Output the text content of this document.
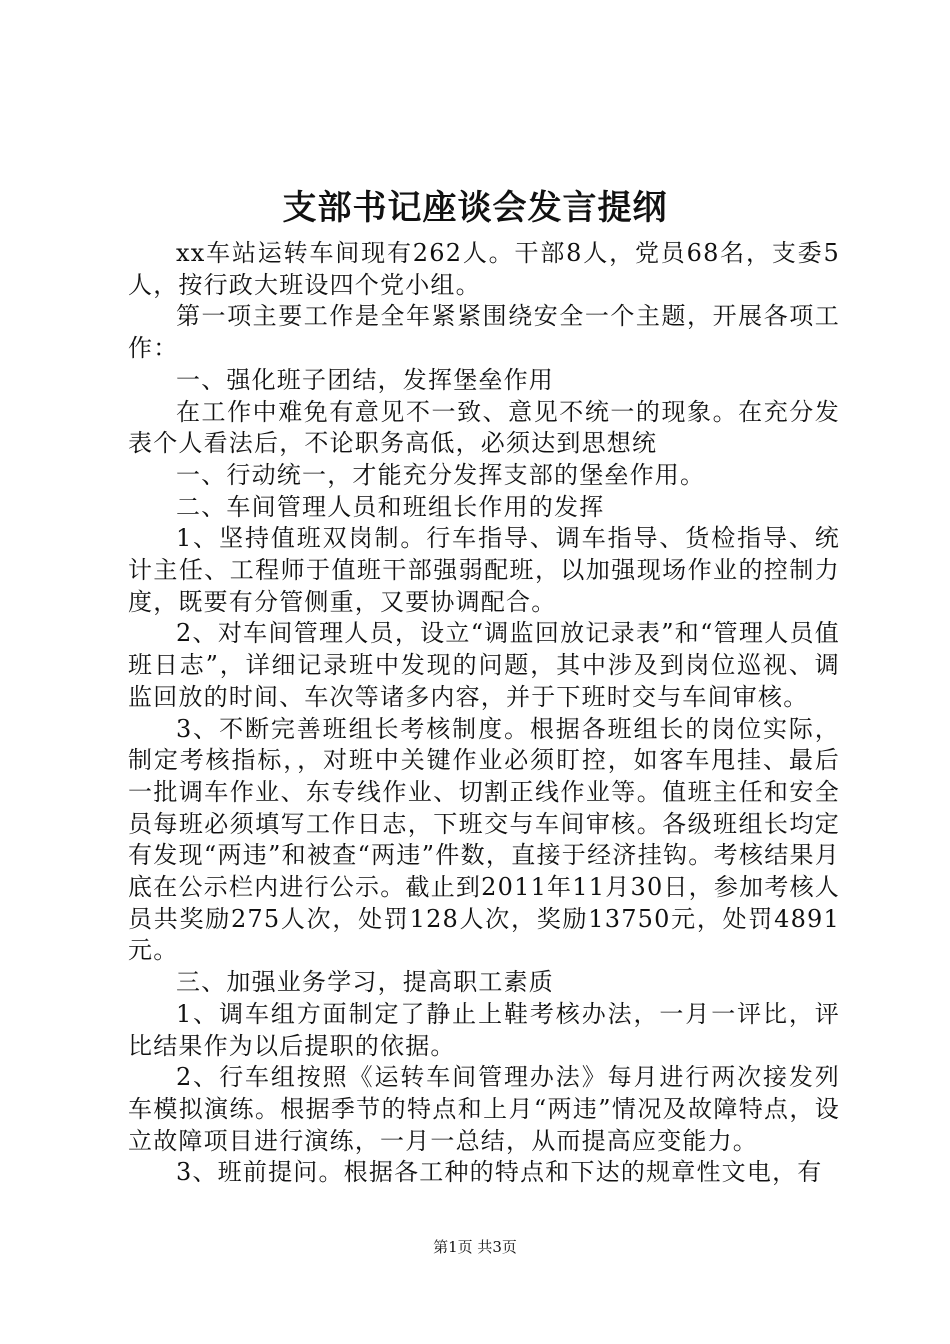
支部书记座谈会发言提纲

xx车站运转车间现有262人。干部8人，党员68名，支委5人，按行政大班设四个党小组。

第一项主要工作是全年紧紧围绕安全一个主题，开展各项工作：

一、强化班子团结，发挥堡垒作用

在工作中难免有意见不一致、意见不统一的现象。在充分发表个人看法后，不论职务高低，必须达到思想统

一、行动统一，才能充分发挥支部的堡垒作用。

二、车间管理人员和班组长作用的发挥

1、坚持值班双岗制。行车指导、调车指导、货检指导、统计主任、工程师于值班干部强弱配班，以加强现场作业的控制力度，既要有分管侧重，又要协调配合。

2、对车间管理人员，设立“调监回放记录表”和“管理人员值班日志”，详细记录班中发现的问题，其中涉及到岗位巡视、调监回放的时间、车次等诸多内容，并于下班时交与车间审核。

3、不断完善班组长考核制度。根据各班组长的岗位实际，制定考核指标，，对班中关键作业必须盯控，如客车甩挂、最后一批调车作业、东专线作业、切割正线作业等。值班主任和安全员每班必须填写工作日志，下班交与车间审核。各级班组长均定有发现“两违”和被查“两违”件数，直接于经济挂钩。考核结果月底在公示栏内进行公示。截止到2011年11月30日，参加考核人员共奖励275人次，处罚128人次，奖励13750元，处罚4891元。

三、加强业务学习，提高职工素质

1、调车组方面制定了静止上鞋考核办法，一月一评比，评比结果作为以后提职的依据。

2、行车组按照《运转车间管理办法》每月进行两次接发列车模拟演练。根据季节的特点和上月“两违”情况及故障特点，设立故障项目进行演练，一月一总结，从而提高应变能力。

3、班前提问。根据各工种的特点和下达的规章性文电，有

第1页 共3页
